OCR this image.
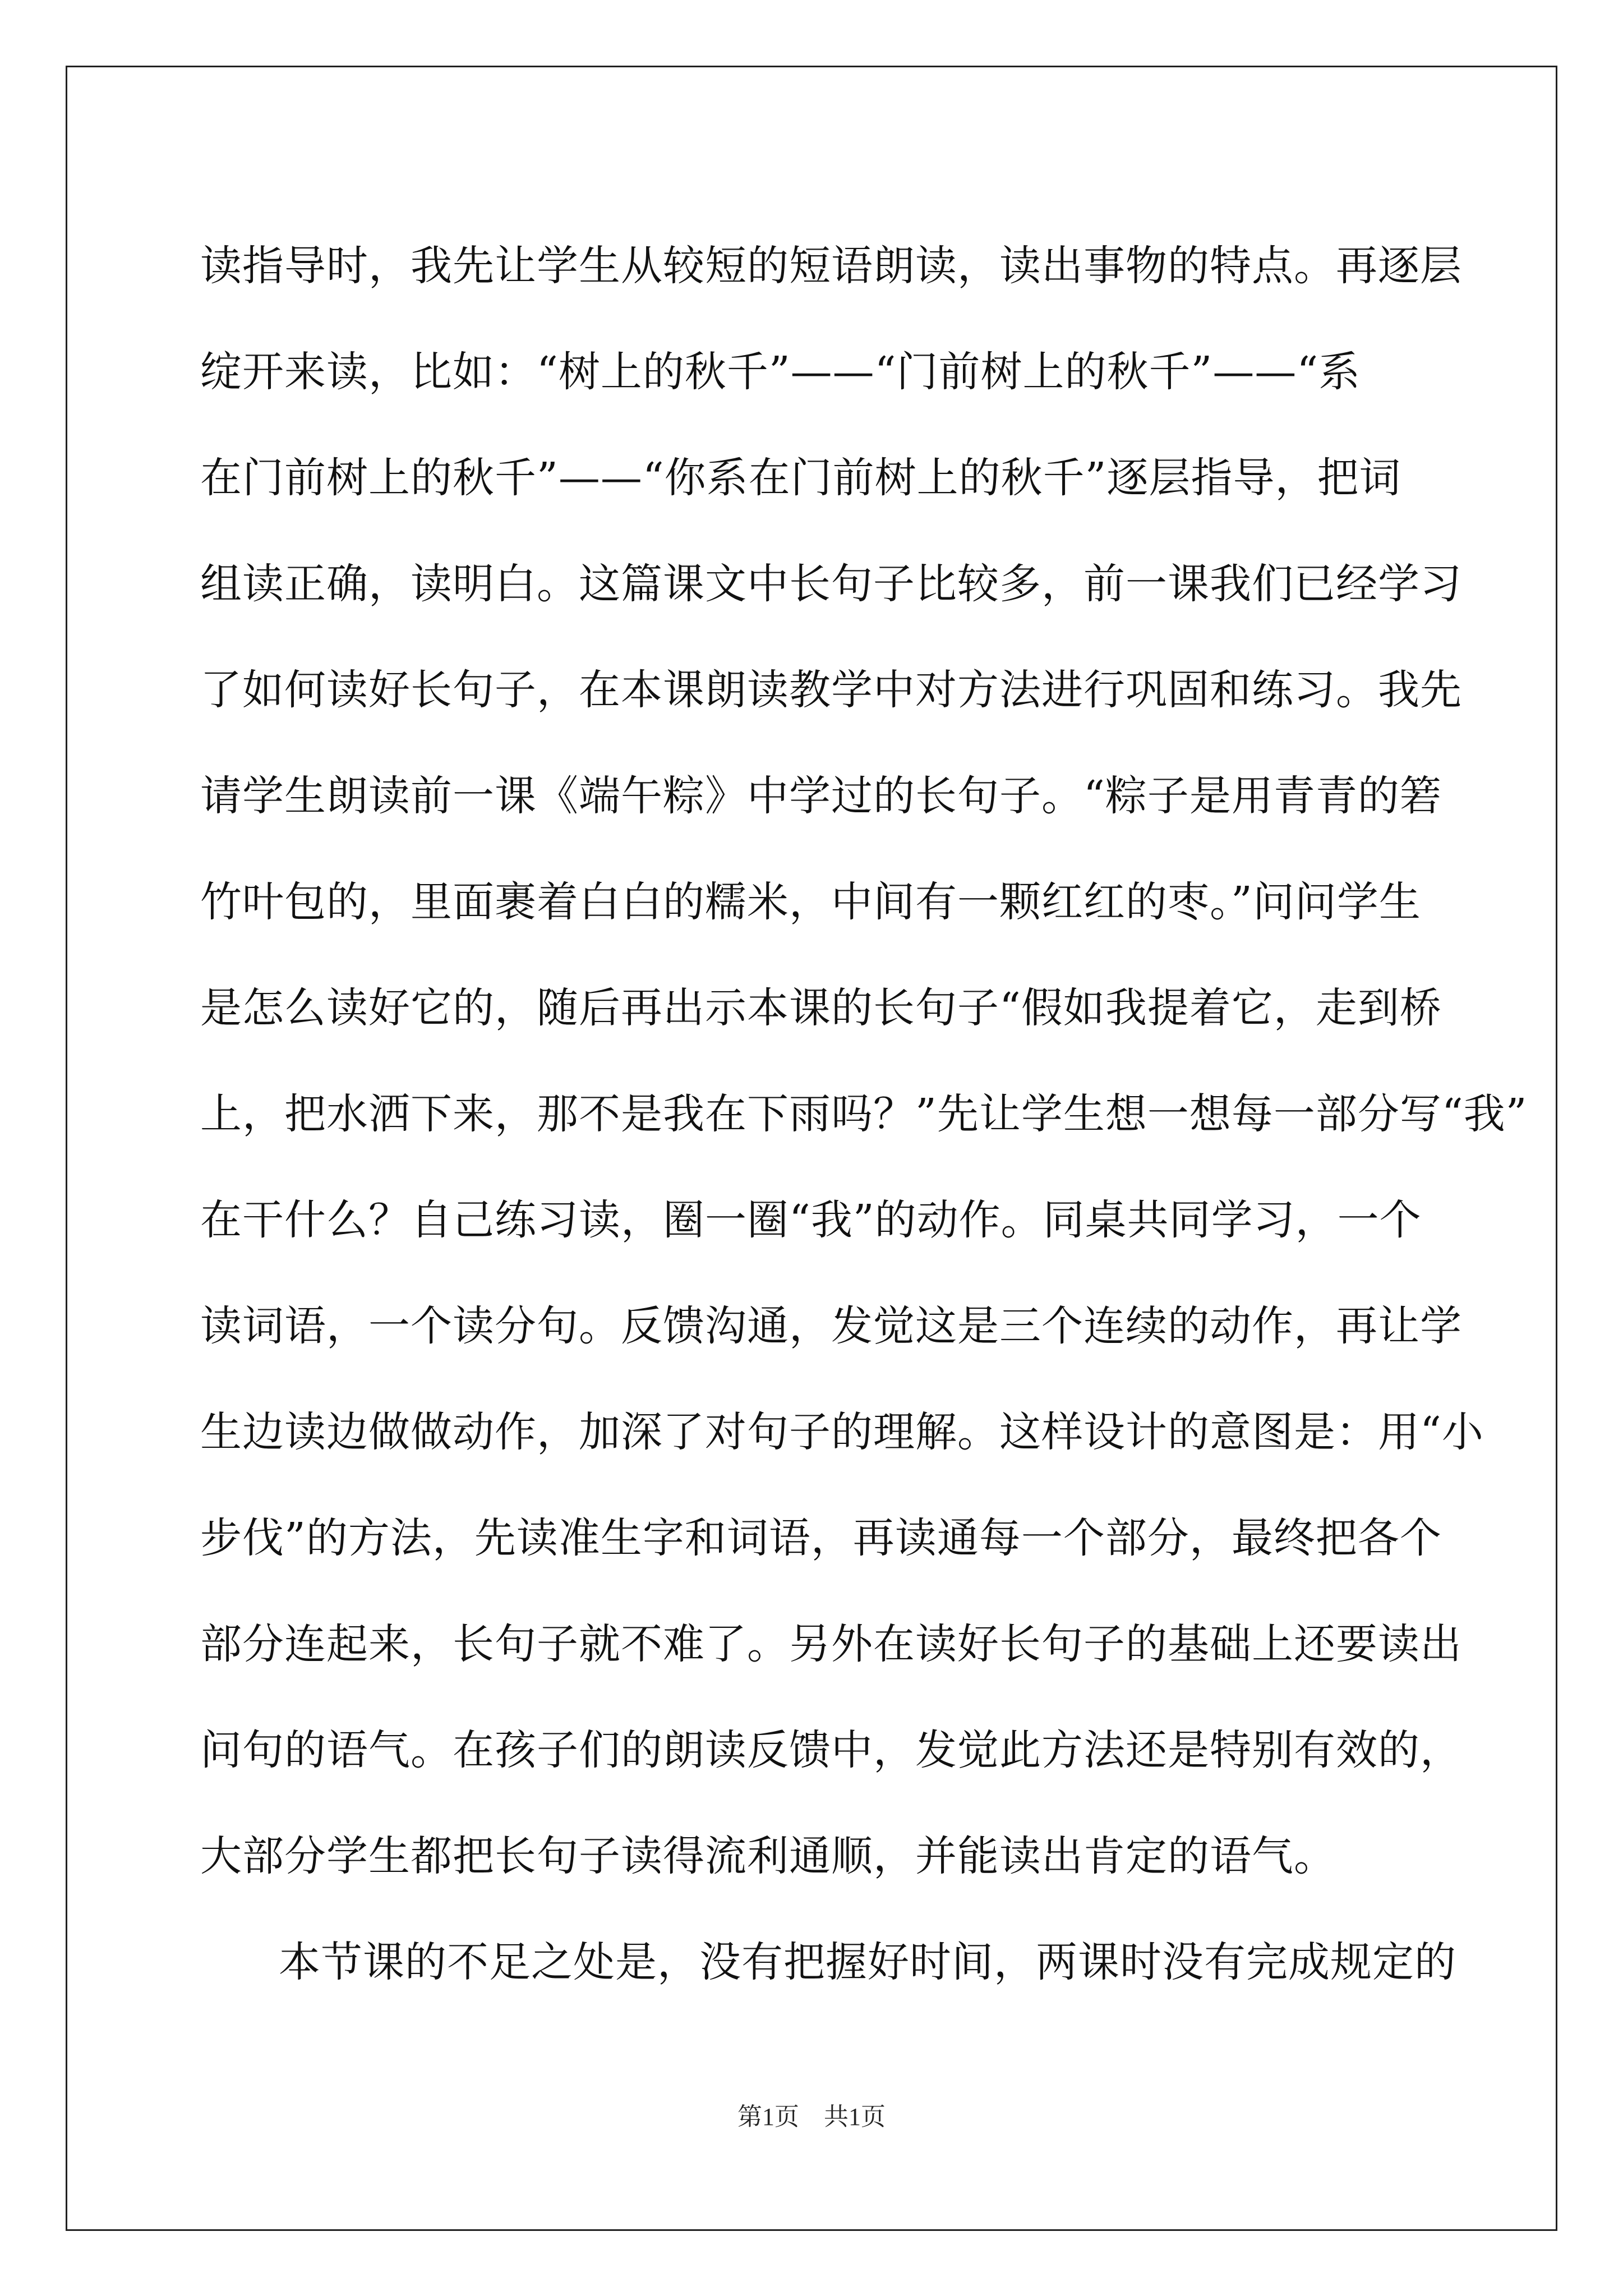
读指导时，我先让学生从较短的短语朗读，读出事物的特点。再逐层
绽开来读，比如：“树上的秋千”——“门前树上的秋千”——“系
在门前树上的秋千”——“你系在门前树上的秋千”逐层指导，把词
组读正确，读明白。这篇课文中长句子比较多，前一课我们已经学习
了如何读好长句子，在本课朗读教学中对方法进行巩固和练习。我先
请学生朗读前一课《端午粽》中学过的长句子。“粽子是用青青的箬
竹叶包的，里面裹着白白的糯米，中间有一颗红红的枣。”问问学生
是怎么读好它的，随后再出示本课的长句子“假如我提着它，走到桥
上，把水洒下来，那不是我在下雨吗？”先让学生想一想每一部分写“我”
在干什么？自己练习读，圈一圈“我”的动作。同桌共同学习，一个
读词语，一个读分句。反馈沟通，发觉这是三个连续的动作，再让学
生边读边做做动作，加深了对句子的理解。这样设计的意图是：用“小
步伐”的方法，先读准生字和词语，再读通每一个部分，最终把各个
部分连起来，长句子就不难了。另外在读好长句子的基础上还要读出
问句的语气。在孩子们的朗读反馈中，发觉此方法还是特别有效的，
大部分学生都把长句子读得流利通顺，并能读出肯定的语气。
本节课的不足之处是，没有把握好时间，两课时没有完成规定的
第1页　共1页
